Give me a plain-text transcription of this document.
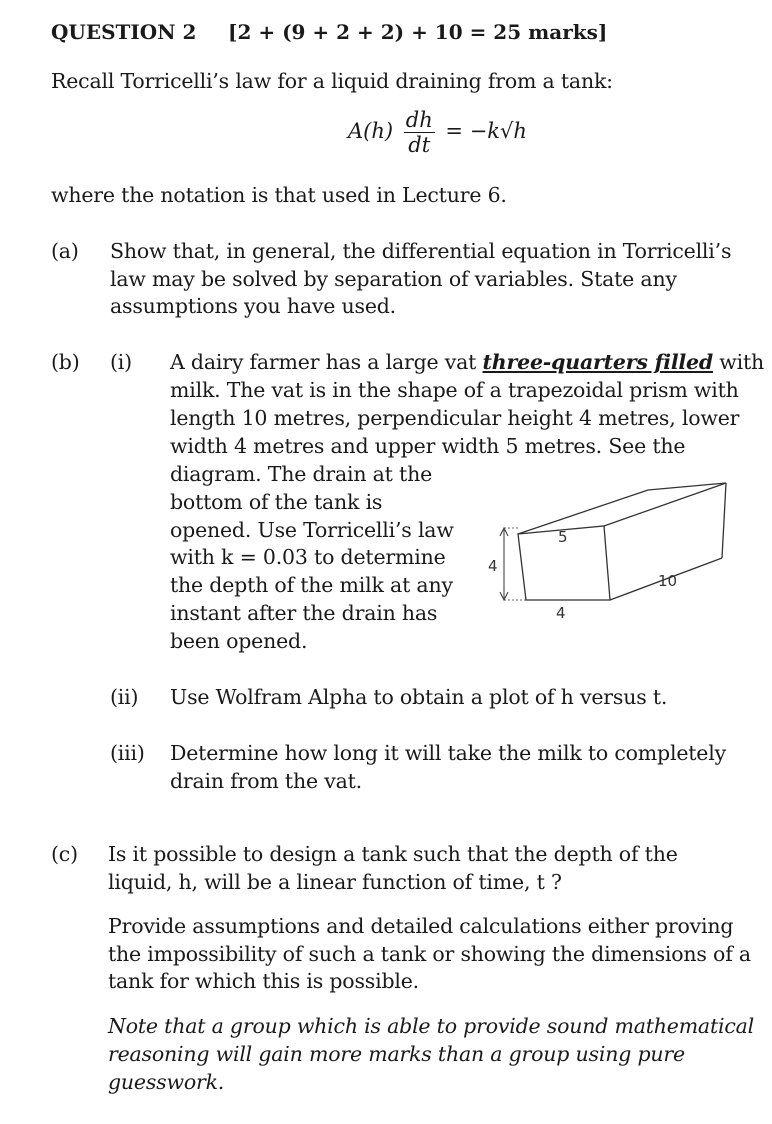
QUESTION 2 [2 + (9 + 2 + 2) + 10 = 25 marks]
Recall Torricelli’s law for a liquid draining from a tank:
$A(h) \frac{dh}{dt} = -k√h$
where the notation is that used in Lecture 6.
(a) Show that, in general, the differential equation in Torricelli’s
law may be solved by separation of variables. State any
assumptions you have used.
(b) (i) A dairy farmer has a large vat three-quarters filled with
milk. The vat is in the shape of a trapezoidal prism with
length 10 metres, perpendicular height 4 metres, lower
width 4 metres and upper width 5 metres. See the
diagram. The drain at the
bottom of the tank is
opened. Use Torricelli’s law
with k = 0.03 to determine
the depth of the milk at any
instant after the drain has
been opened.
4
5
4
10
(ii) Use Wolfram Alpha to obtain a plot of h versus t.
(iii) Determine how long it will take the milk to completely
drain from the vat.
(c) Is it possible to design a tank such that the depth of the
liquid, h, will be a linear function of time, t ?
Provide assumptions and detailed calculations either proving
the impossibility of such a tank or showing the dimensions of a
tank for which this is possible.
Note that a group which is able to provide sound mathematical
reasoning will gain more marks than a group using pure
guesswork.
